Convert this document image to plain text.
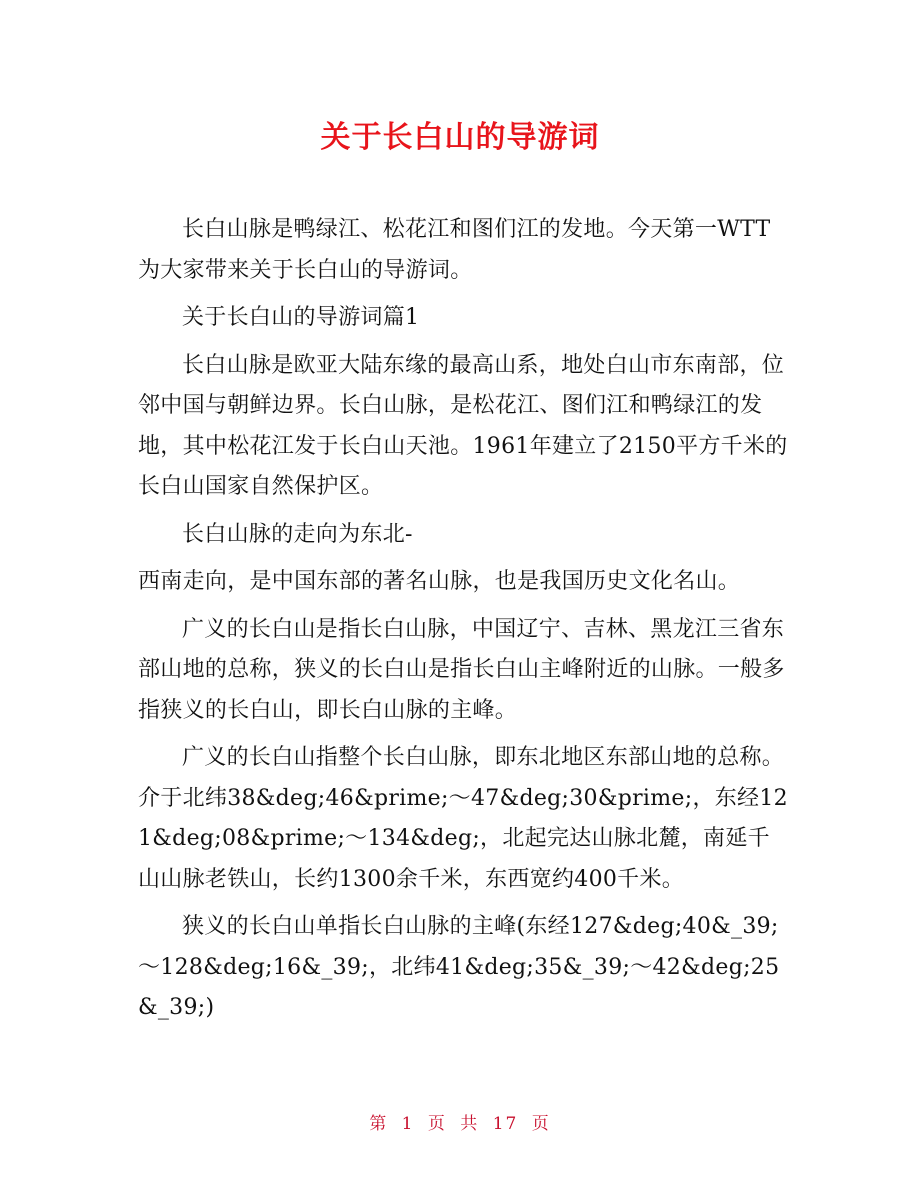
关于长白山的导游词

长白山脉是鸭绿江、松花江和图们江的发地。今天第一WTT为大家带来关于长白山的导游词。

关于长白山的导游词篇1

长白山脉是欧亚大陆东缘的最高山系，地处白山市东南部，位邻中国与朝鲜边界。长白山脉，是松花江、图们江和鸭绿江的发地，其中松花江发于长白山天池。1961年建立了2150平方千米的长白山国家自然保护区。

长白山脉的走向为东北-

西南走向，是中国东部的著名山脉，也是我国历史文化名山。

广义的长白山是指长白山脉，中国辽宁、吉林、黑龙江三省东部山地的总称，狭义的长白山是指长白山主峰附近的山脉。一般多指狭义的长白山，即长白山脉的主峰。

广义的长白山指整个长白山脉，即东北地区东部山地的总称。介于北纬38&deg;46&prime;～47&deg;30&prime;，东经121&deg;08&prime;～134&deg;，北起完达山脉北麓，南延千山山脉老铁山，长约1300余千米，东西宽约400千米。

狭义的长白山单指长白山脉的主峰(东经127&deg;40&_39;～128&deg;16&_39;，北纬41&deg;35&_39;～42&deg;25&_39;)

第 1 页 共 17 页
